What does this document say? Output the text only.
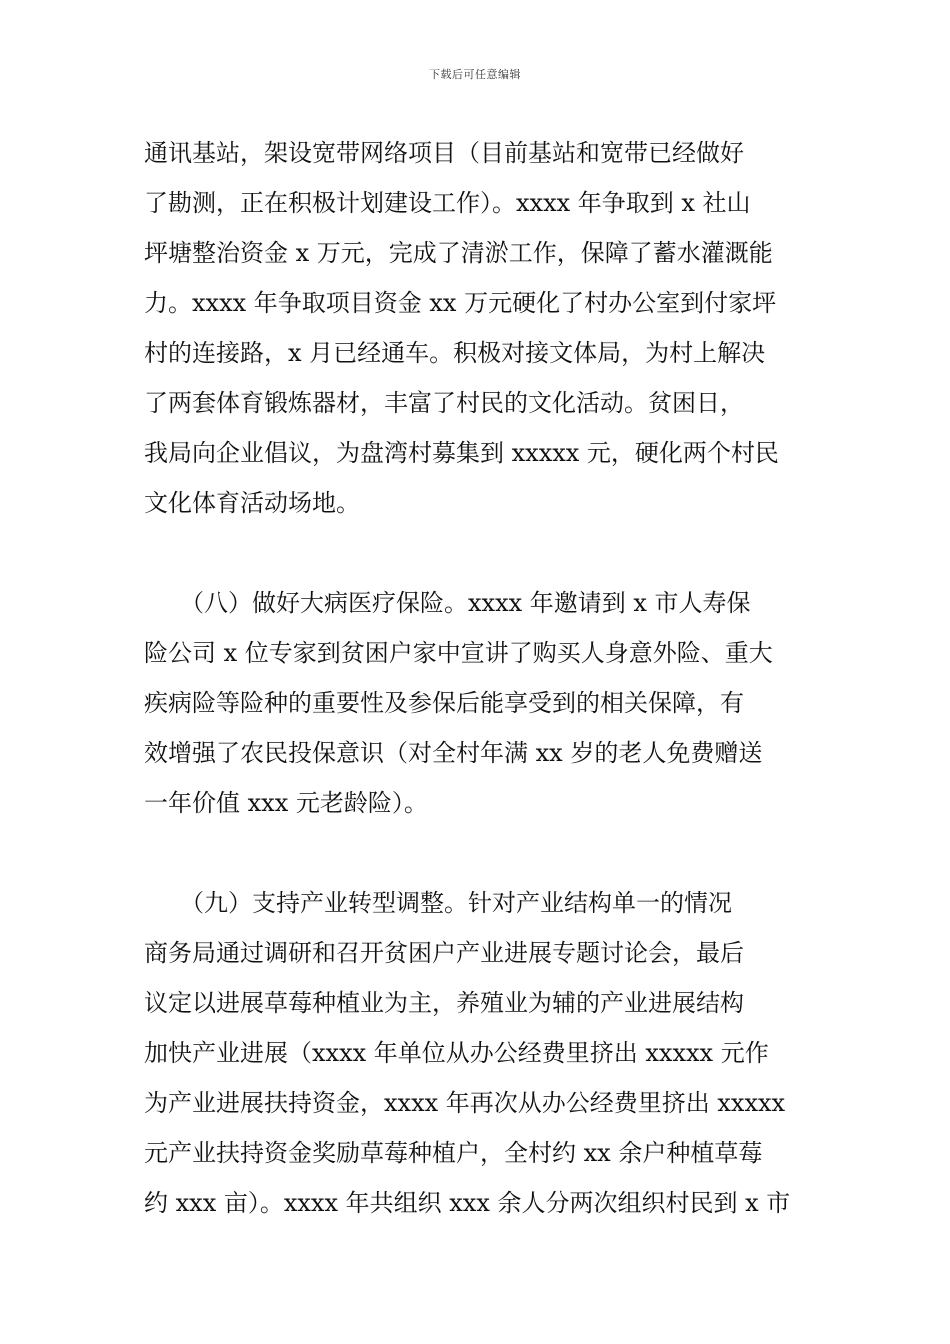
下载后可任意编辑
通讯基站，架设宽带网络项目（目前基站和宽带已经做好
了勘测，正在积极计划建设工作）。xxxx 年争取到 x 社山
坪塘整治资金 x 万元，完成了清淤工作，保障了蓄水灌溉能
力。xxxx 年争取项目资金 xx 万元硬化了村办公室到付家坪
村的连接路，x 月已经通车。积极对接文体局，为村上解决
了两套体育锻炼器材，丰富了村民的文化活动。贫困日，
我局向企业倡议，为盘湾村募集到 xxxxx 元，硬化两个村民
文化体育活动场地。
　　（八）做好大病医疗保险。xxxx 年邀请到 x 市人寿保
险公司 x 位专家到贫困户家中宣讲了购买人身意外险、重大
疾病险等险种的重要性及参保后能享受到的相关保障，有
效增强了农民投保意识（对全村年满 xx 岁的老人免费赠送
一年价值 xxx 元老龄险）。
　　（九）支持产业转型调整。针对产业结构单一的情况
商务局通过调研和召开贫困户产业进展专题讨论会，最后
议定以进展草莓种植业为主，养殖业为辅的产业进展结构
加快产业进展（xxxx 年单位从办公经费里挤出 xxxxx 元作
为产业进展扶持资金，xxxx 年再次从办公经费里挤出 xxxxx
元产业扶持资金奖励草莓种植户，全村约 xx 余户种植草莓
约 xxx 亩）。xxxx 年共组织 xxx 余人分两次组织村民到 x 市
